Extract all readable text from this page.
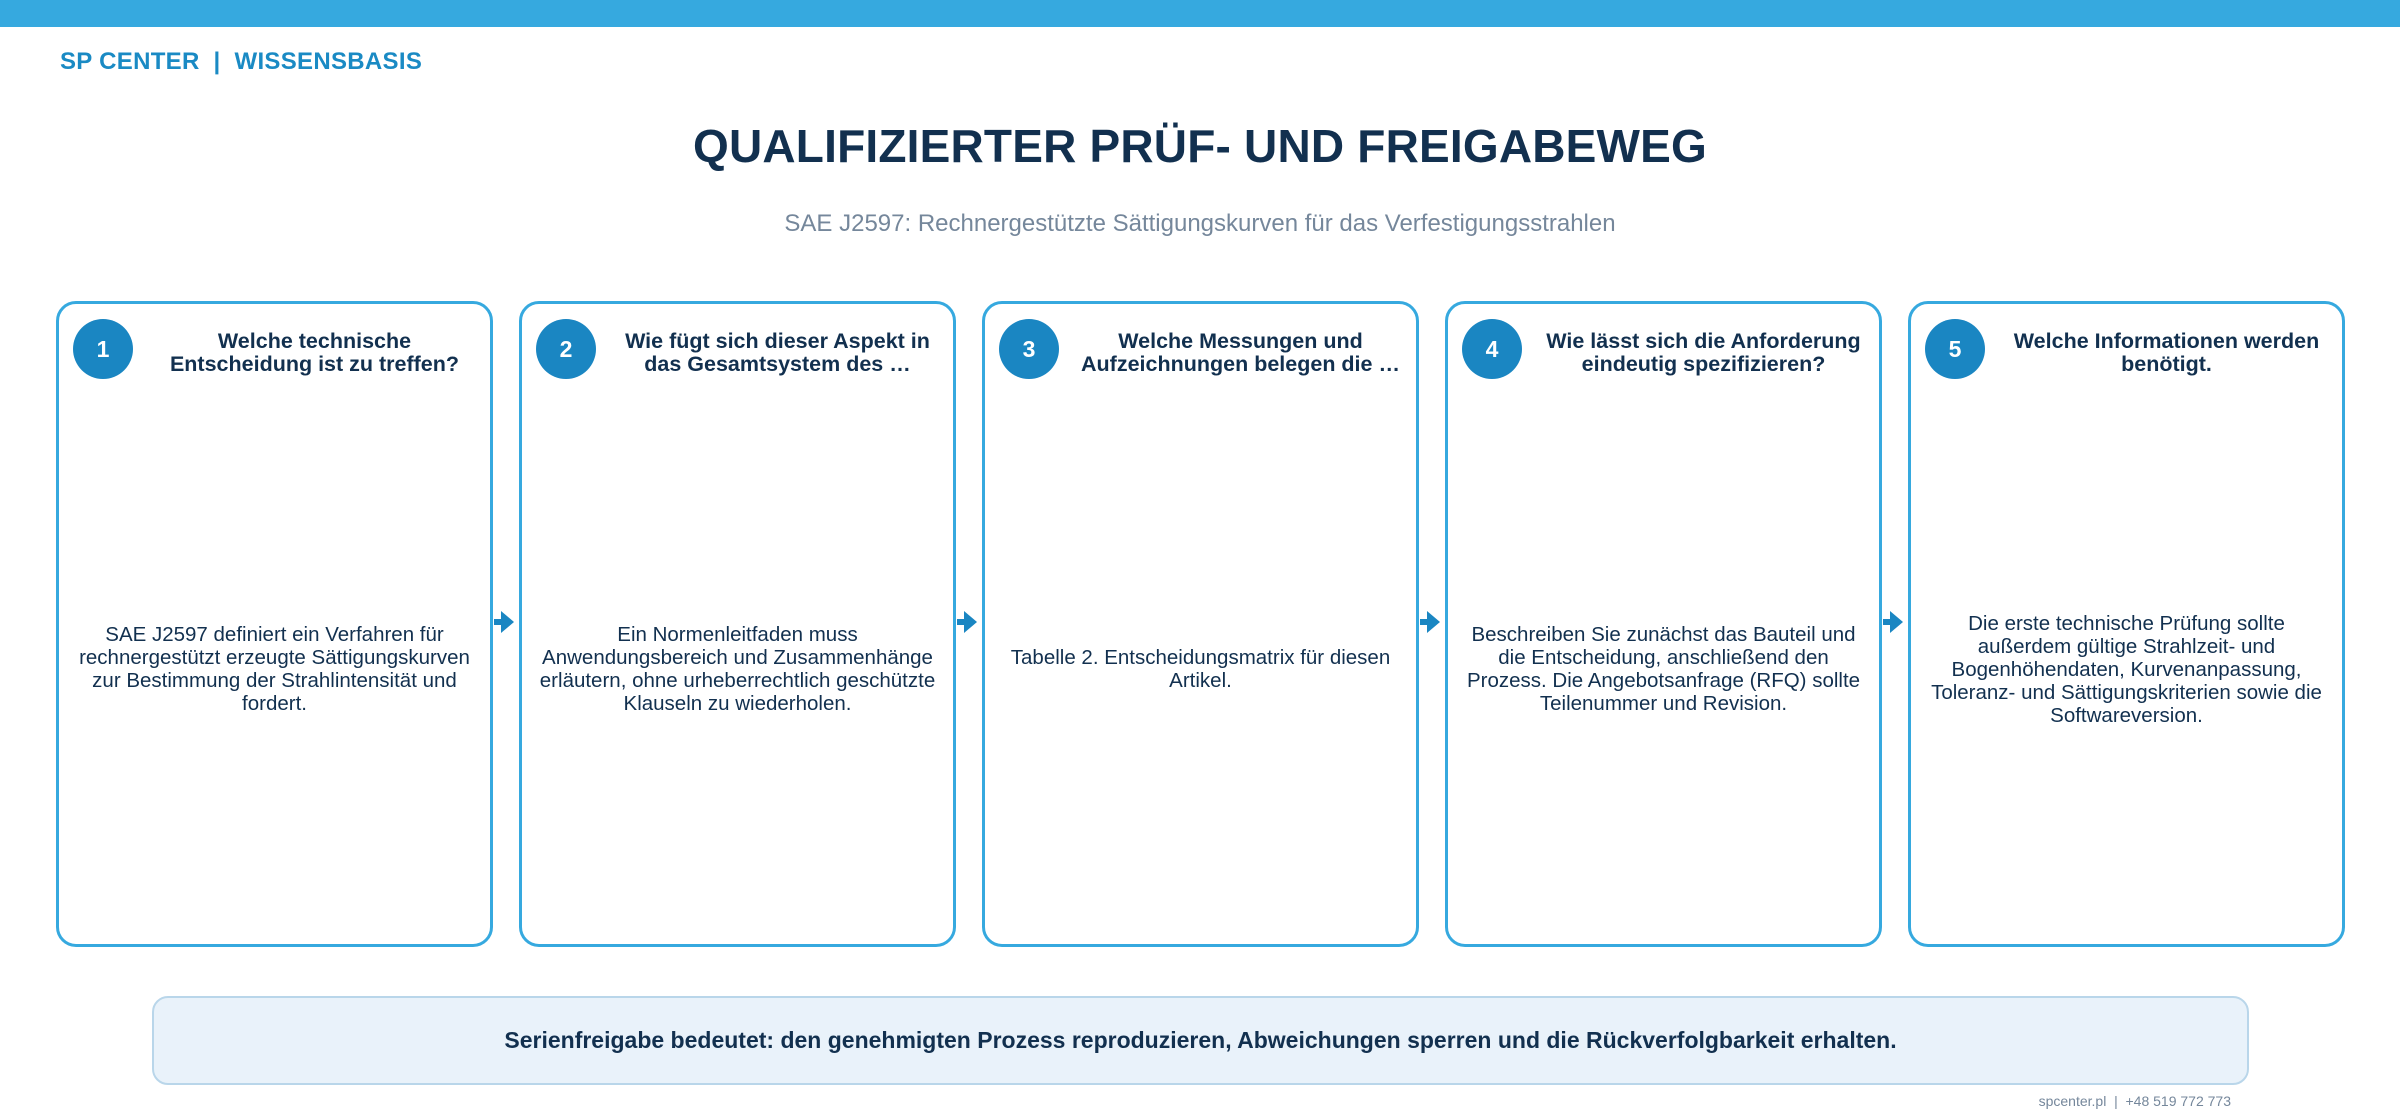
SP CENTER  |  WISSENSBASIS
QUALIFIZIERTER PRÜF- UND FREIGABEWEG
SAE J2597: Rechnergestützte Sättigungskurven für das Verfestigungsstrahlen
1	Welche technische Entscheidung ist zu treffen?
SAE J2597 definiert ein Verfahren für rechnergestützt erzeugte Sättigungskurven zur Bestimmung der Strahlintensität und fordert.
2	Wie fügt sich dieser Aspekt in das Gesamtsystem des …
Ein Normenleitfaden muss Anwendungsbereich und Zusammenhänge erläutern, ohne urheberrechtlich geschützte Klauseln zu wiederholen.
3	Welche Messungen und Aufzeichnungen belegen die …
Tabelle 2. Entscheidungsmatrix für diesen Artikel.
4	Wie lässt sich die Anforderung eindeutig spezifizieren?
Beschreiben Sie zunächst das Bauteil und die Entscheidung, anschließend den Prozess. Die Angebotsanfrage (RFQ) sollte Teilenummer und Revision.
5	Welche Informationen werden benötigt.
Die erste technische Prüfung sollte außerdem gültige Strahlzeit- und Bogenhöhendaten, Kurvenanpassung, Toleranz- und Sättigungskriterien sowie die Softwareversion.
Serienfreigabe bedeutet: den genehmigten Prozess reproduzieren, Abweichungen sperren und die Rückverfolgbarkeit erhalten.
spcenter.pl  |  +48 519 772 773
